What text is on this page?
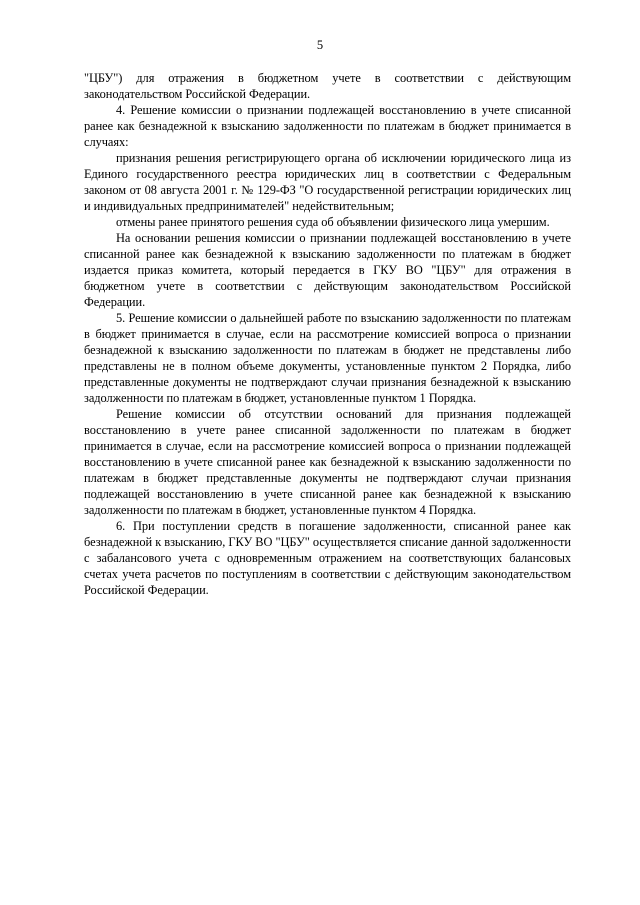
5

"ЦБУ") для отражения в бюджетном учете в соответствии с действующим законодательством Российской Федерации.

4. Решение комиссии о признании подлежащей восстановлению в учете списанной ранее как безнадежной к взысканию задолженности по платежам в бюджет принимается в случаях:

признания решения регистрирующего органа об исключении юридического лица из Единого государственного реестра юридических лиц в соответствии с Федеральным законом от 08 августа 2001 г. № 129-ФЗ "О государственной регистрации юридических лиц и индивидуальных предпринимателей" недействительным;

отмены ранее принятого решения суда об объявлении физического лица умершим.

На основании решения комиссии о признании подлежащей восстановлению в учете списанной ранее как безнадежной к взысканию задолженности по платежам в бюджет издается приказ комитета, который передается в ГКУ ВО "ЦБУ" для отражения в бюджетном учете в соответствии с действующим законодательством Российской Федерации.

5. Решение комиссии о дальнейшей работе по взысканию задолженности по платежам в бюджет принимается в случае, если на рассмотрение комиссией вопроса о признании безнадежной к взысканию задолженности по платежам в бюджет не представлены либо представлены не в полном объеме документы, установленные пунктом 2 Порядка, либо представленные документы не подтверждают случаи признания безнадежной к взысканию задолженности по платежам в бюджет, установленные пунктом 1 Порядка.

Решение комиссии об отсутствии оснований для признания подлежащей восстановлению в учете ранее списанной задолженности по платежам в бюджет принимается в случае, если на рассмотрение комиссией вопроса о признании подлежащей восстановлению в учете списанной ранее как безнадежной к взысканию задолженности по платежам в бюджет представленные документы не подтверждают случаи признания подлежащей восстановлению в учете списанной ранее как безнадежной к взысканию задолженности по платежам в бюджет, установленные пунктом 4 Порядка.

6. При поступлении средств в погашение задолженности, списанной ранее как безнадежной к взысканию, ГКУ ВО "ЦБУ" осуществляется списание данной задолженности с забалансового учета с одновременным отражением на соответствующих балансовых счетах учета расчетов по поступлениям в соответствии с действующим законодательством Российской Федерации.
